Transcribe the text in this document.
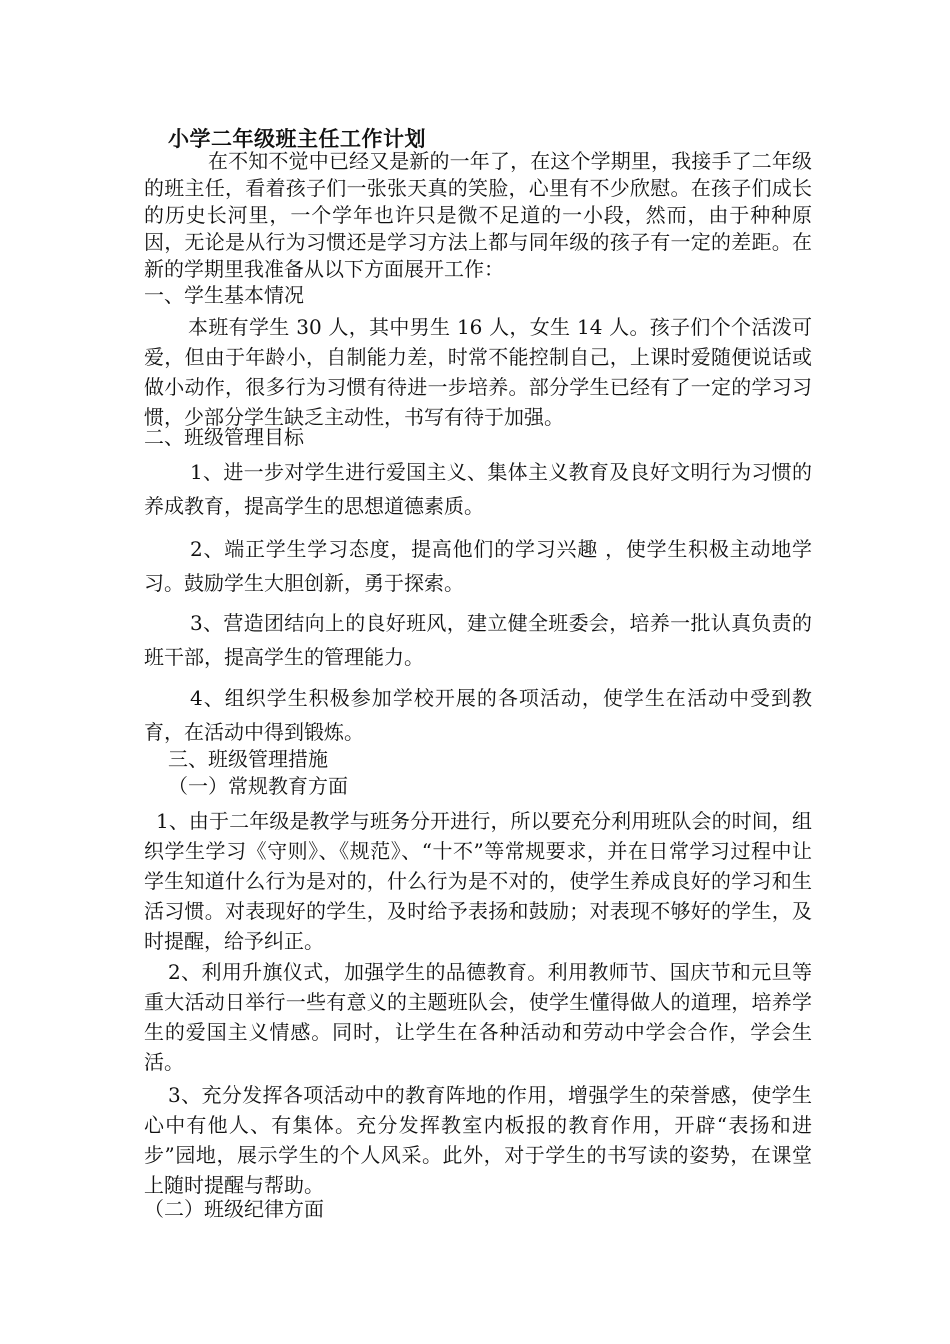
小学二年级班主任工作计划

在不知不觉中已经又是新的一年了，在这个学期里，我接手了二年级的班主任，看着孩子们一张张天真的笑脸，心里有不少欣慰。在孩子们成长的历史长河里，一个学年也许只是微不足道的一小段，然而，由于种种原因，无论是从行为习惯还是学习方法上都与同年级的孩子有一定的差距。在新的学期里我准备从以下方面展开工作：

一、学生基本情况

本班有学生 30 人，其中男生 16 人，女生 14 人。孩子们个个活泼可爱，但由于年龄小，自制能力差，时常不能控制自己，上课时爱随便说话或做小动作，很多行为习惯有待进一步培养。部分学生已经有了一定的学习习惯，少部分学生缺乏主动性，书写有待于加强。

二、班级管理目标

1、进一步对学生进行爱国主义、集体主义教育及良好文明行为习惯的养成教育，提高学生的思想道德素质。

2、端正学生学习态度，提高他们的学习兴趣 ，使学生积极主动地学习。鼓励学生大胆创新，勇于探索。

3、营造团结向上的良好班风，建立健全班委会，培养一批认真负责的班干部，提高学生的管理能力。

4、组织学生积极参加学校开展的各项活动，使学生在活动中受到教育，在活动中得到锻炼。

三、班级管理措施
（一）常规教育方面

1、由于二年级是教学与班务分开进行，所以要充分利用班队会的时间，组织学生学习《守则》、《规范》、“十不”等常规要求，并在日常学习过程中让学生知道什么行为是对的，什么行为是不对的，使学生养成良好的学习和生活习惯。对表现好的学生，及时给予表扬和鼓励；对表现不够好的学生，及时提醒，给予纠正。

2、利用升旗仪式，加强学生的品德教育。利用教师节、国庆节和元旦等重大活动日举行一些有意义的主题班队会，使学生懂得做人的道理，培养学生的爱国主义情感。同时，让学生在各种活动和劳动中学会合作，学会生活。

3、充分发挥各项活动中的教育阵地的作用，增强学生的荣誉感，使学生心中有他人、有集体。充分发挥教室内板报的教育作用，开辟“表扬和进步”园地，展示学生的个人风采。此外，对于学生的书写读的姿势，在课堂上随时提醒与帮助。

（二）班级纪律方面
